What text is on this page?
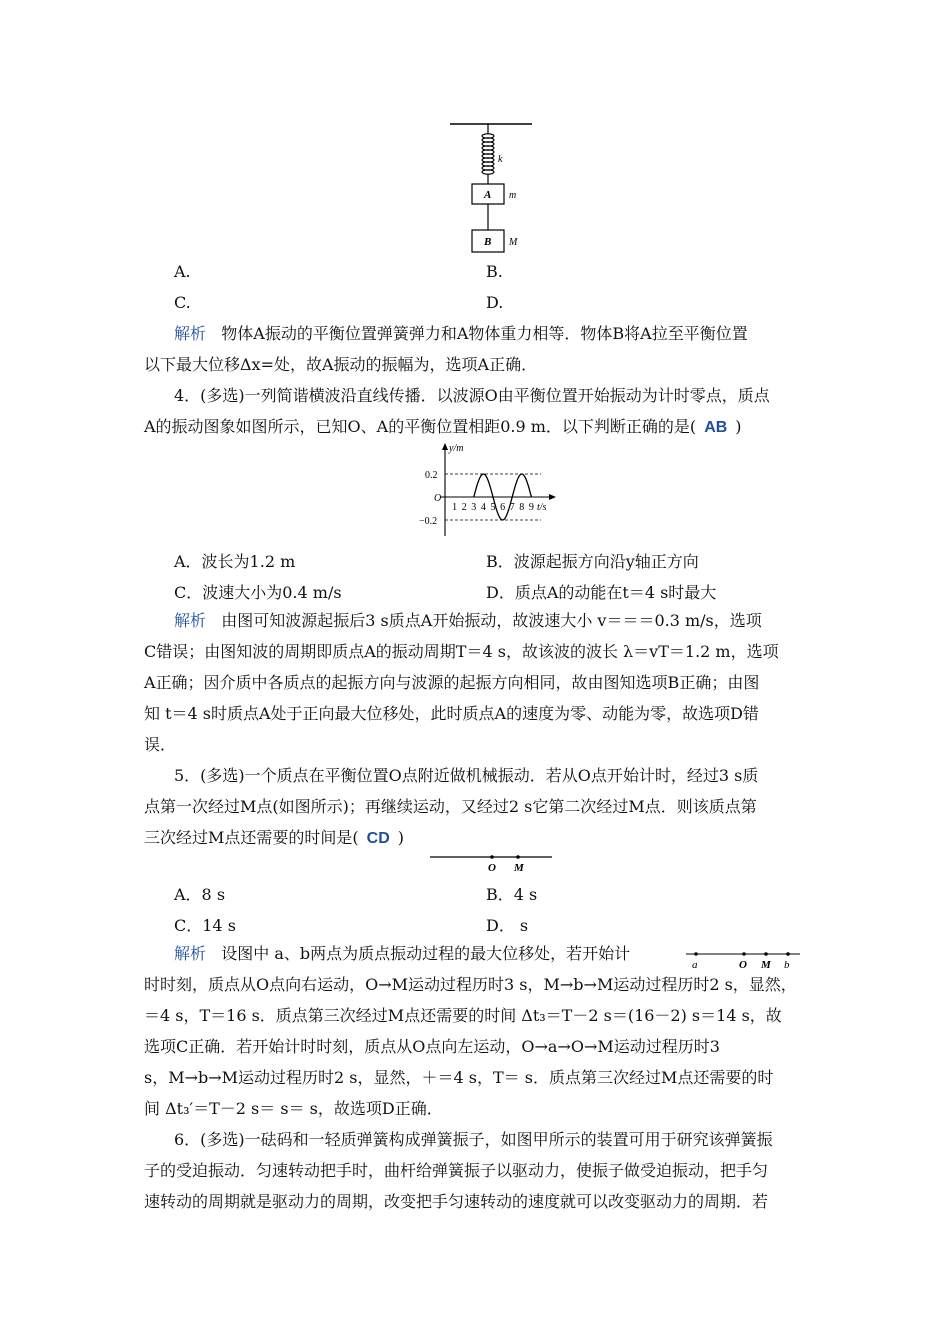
k
A m
B M
A.	B.
C.	D.
解析 物体A振动的平衡位置弹簧弹力和A物体重力相等．物体B将A拉至平衡位置
以下最大位移Δx=处，故A振动的振幅为，选项A正确．
4．(多选)一列简谐横波沿直线传播．以波源O由平衡位置开始振动为计时零点，质点
A的振动图象如图所示，已知O、A的平衡位置相距0.9 m．以下判断正确的是( AB )
y/m
t/s
O
0.2
−0.2
1 2 3 4 5 6 7 8 9
A．波长为1.2 m	B．波源起振方向沿y轴正方向
C．波速大小为0.4 m/s	D．质点A的动能在t＝4 s时最大
解析 由图可知波源起振后3 s质点A开始振动，故波速大小 v＝＝＝0.3 m/s，选项
C错误；由图知波的周期即质点A的振动周期T＝4 s，故该波的波长 λ＝vT＝1.2 m，选项
A正确；因介质中各质点的起振方向与波源的起振方向相同，故由图知选项B正确；由图
知 t＝4 s时质点A处于正向最大位移处，此时质点A的速度为零、动能为零，故选项D错
误．
5．(多选)一个质点在平衡位置O点附近做机械振动．若从O点开始计时，经过3 s质
点第一次经过M点(如图所示)；再继续运动，又经过2 s它第二次经过M点．则该质点第
三次经过M点还需要的时间是( CD )
O M
A．8 s	B．4 s
C．14 s	D． s
解析 设图中 a、b两点为质点振动过程的最大位移处，若开始计
a	O M b
时时刻，质点从O点向右运动，O→M运动过程历时3 s，M→b→M运动过程历时2 s，显然，
＝4 s，T＝16 s．质点第三次经过M点还需要的时间 Δt₃＝T－2 s＝(16－2) s＝14 s，故
选项C正确．若开始计时时刻，质点从O点向左运动，O→a→O→M运动过程历时3
s，M→b→M运动过程历时2 s，显然，＋＝4 s，T＝ s．质点第三次经过M点还需要的时
间 Δt₃′＝T－2 s＝ s＝ s，故选项D正确．
6．(多选)一砝码和一轻质弹簧构成弹簧振子，如图甲所示的装置可用于研究该弹簧振
子的受迫振动．匀速转动把手时，曲杆给弹簧振子以驱动力，使振子做受迫振动，把手匀
速转动的周期就是驱动力的周期，改变把手匀速转动的速度就可以改变驱动力的周期．若
